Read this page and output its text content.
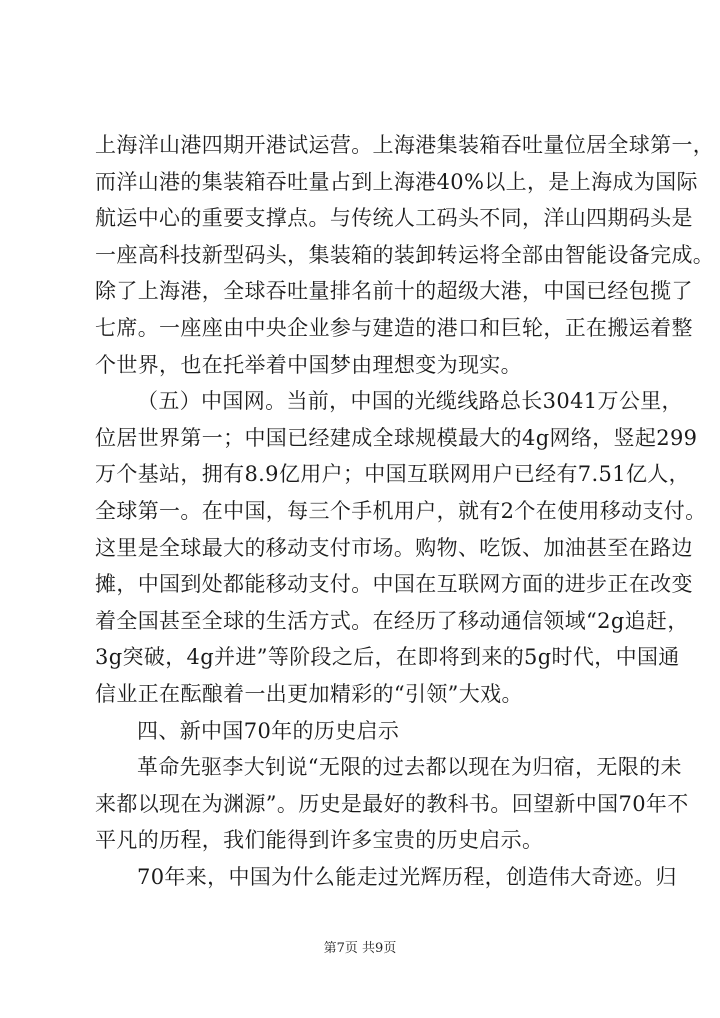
上海洋山港四期开港试运营。上海港集装箱吞吐量位居全球第一，
而洋山港的集装箱吞吐量占到上海港40%以上，是上海成为国际
航运中心的重要支撑点。与传统人工码头不同，洋山四期码头是
一座高科技新型码头，集装箱的装卸转运将全部由智能设备完成。
除了上海港，全球吞吐量排名前十的超级大港，中国已经包揽了
七席。一座座由中央企业参与建造的港口和巨轮，正在搬运着整
个世界，也在托举着中国梦由理想变为现实。
（五）中国网。当前，中国的光缆线路总长3041万公里，
位居世界第一；中国已经建成全球规模最大的4g网络，竖起299
万个基站，拥有8.9亿用户；中国互联网用户已经有7.51亿人，
全球第一。在中国，每三个手机用户，就有2个在使用移动支付。
这里是全球最大的移动支付市场。购物、吃饭、加油甚至在路边
摊，中国到处都能移动支付。中国在互联网方面的进步正在改变
着全国甚至全球的生活方式。在经历了移动通信领域“2g追赶，
3g突破，4g并进”等阶段之后，在即将到来的5g时代，中国通
信业正在酝酿着一出更加精彩的“引领”大戏。
四、新中国70年的历史启示
革命先驱李大钊说“无限的过去都以现在为归宿，无限的未
来都以现在为渊源”。历史是最好的教科书。回望新中国70年不
平凡的历程，我们能得到许多宝贵的历史启示。
70年来，中国为什么能走过光辉历程，创造伟大奇迹。归
第7页 共9页
